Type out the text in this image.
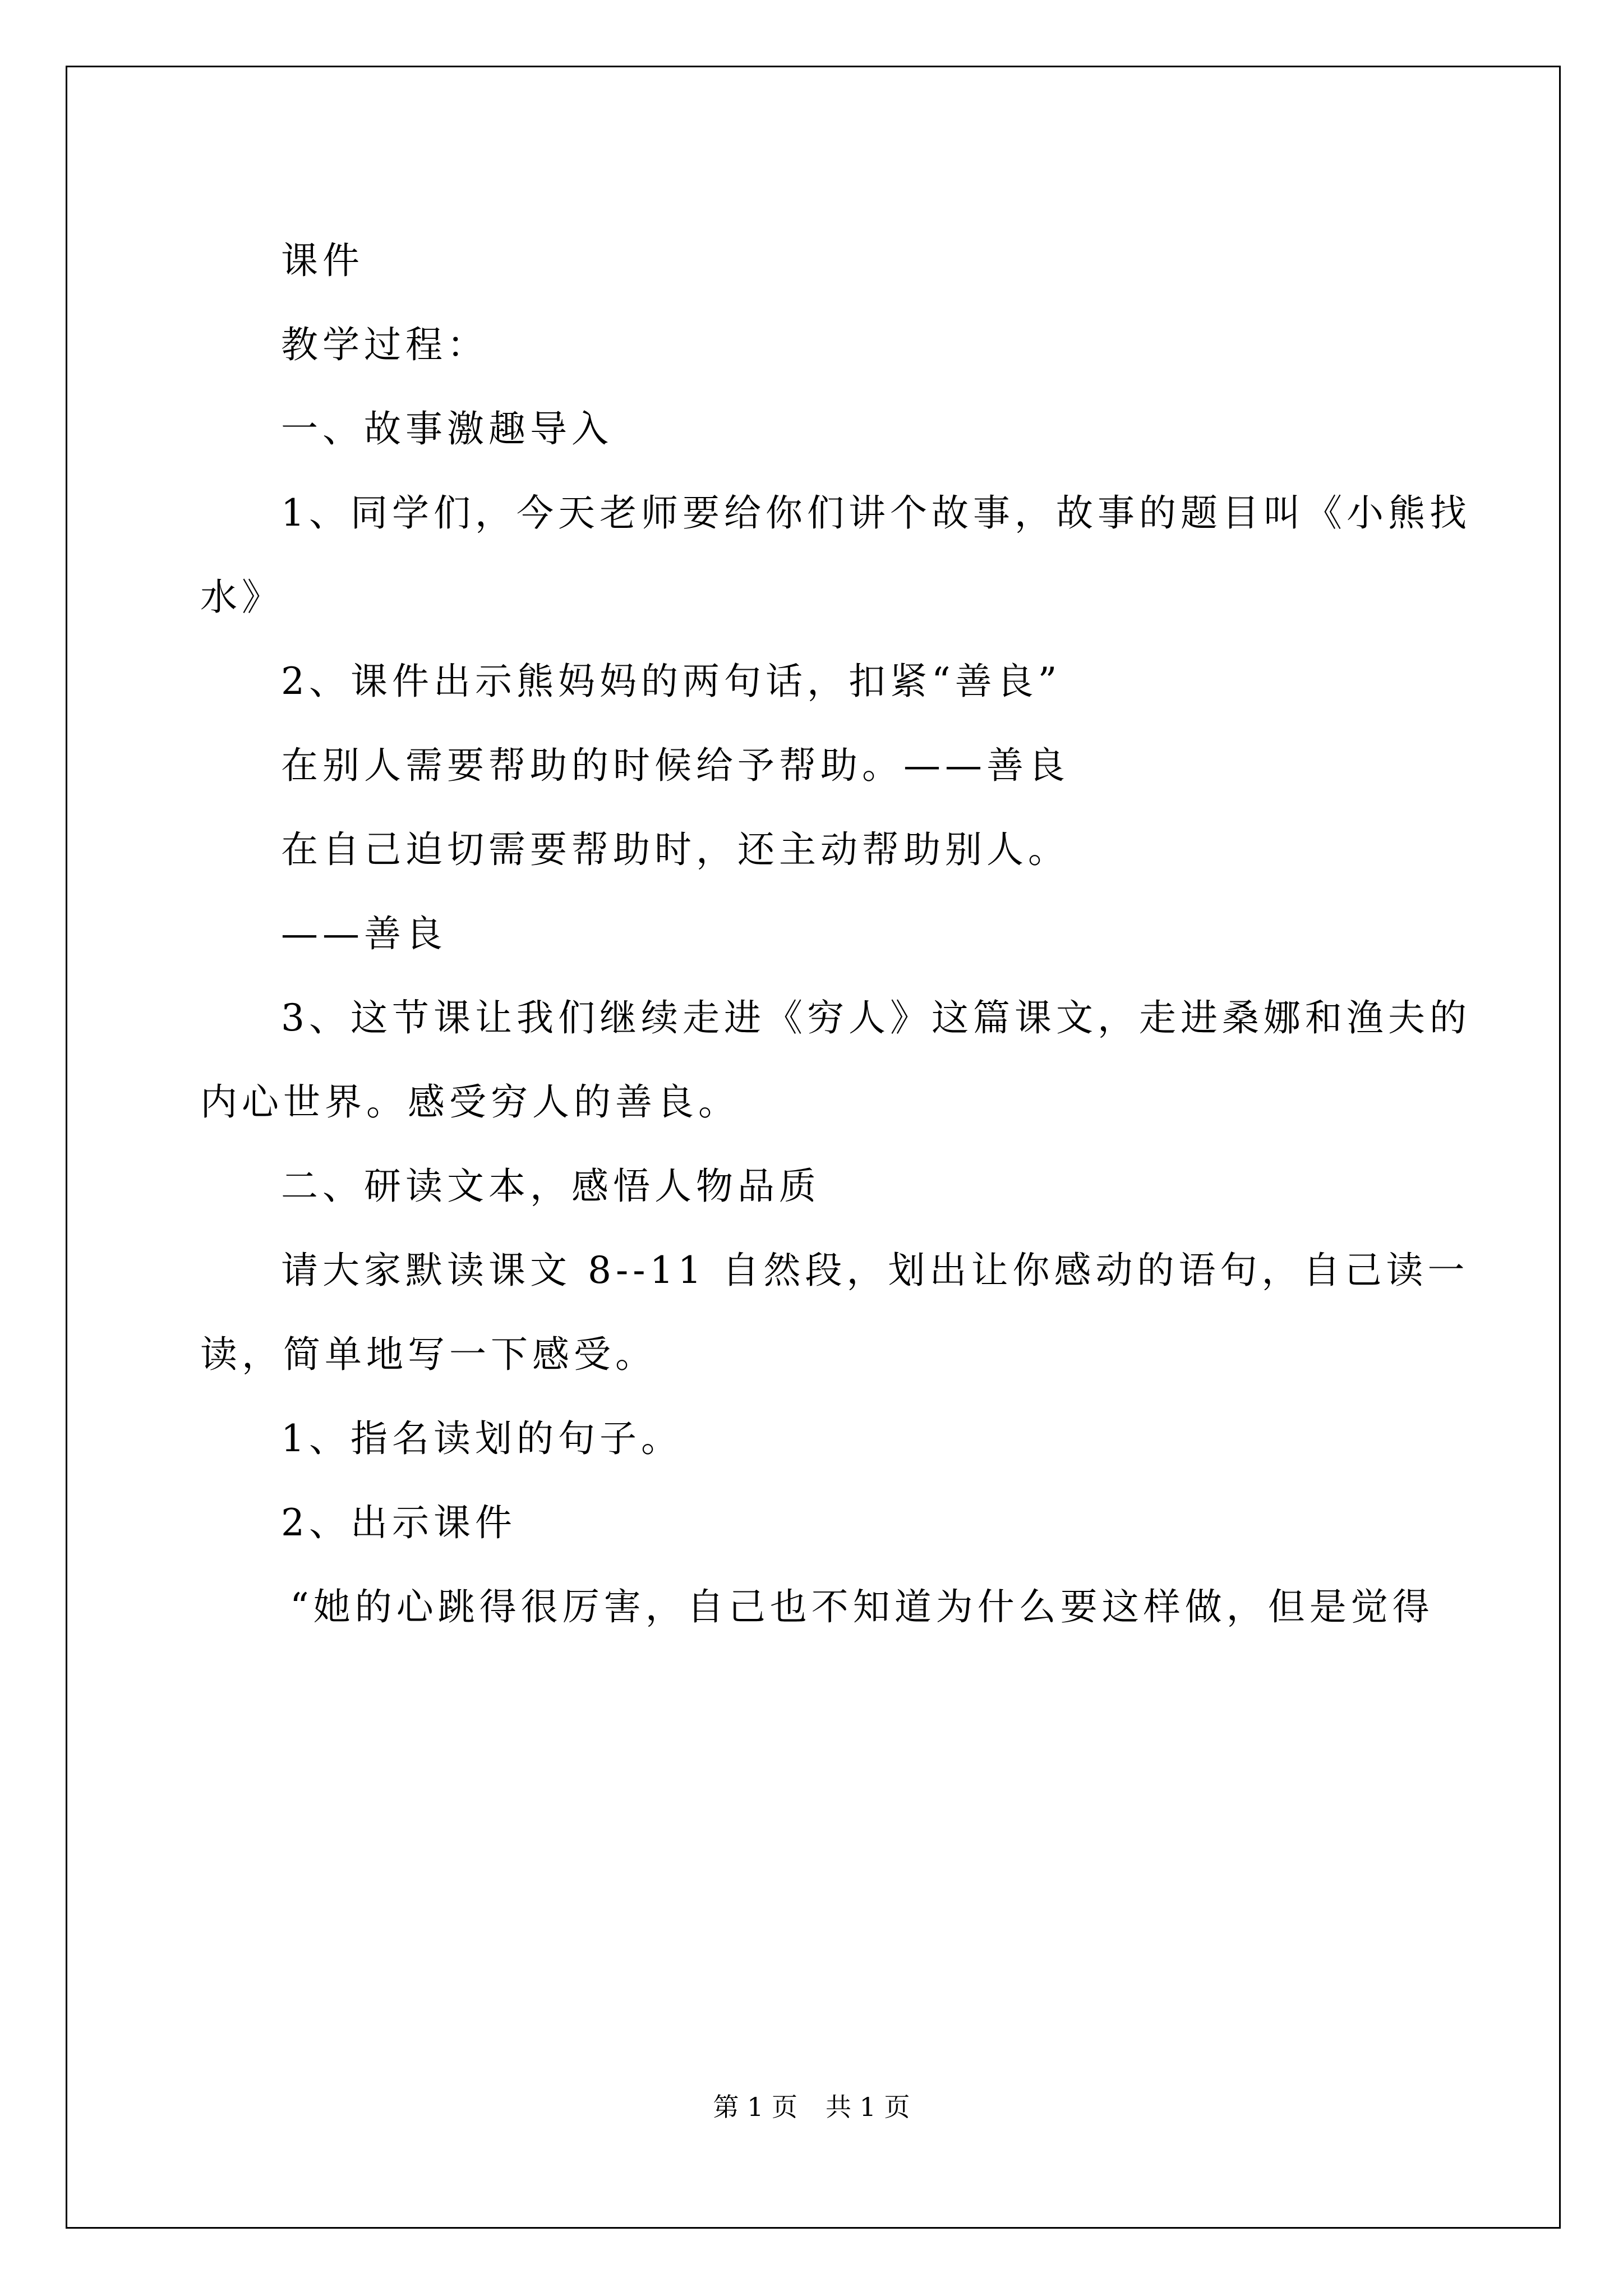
课件
教学过程：
一、故事激趣导入
1、同学们，今天老师要给你们讲个故事，故事的题目叫《小熊找
水》
2、课件出示熊妈妈的两句话，扣紧“善良”
在别人需要帮助的时候给予帮助。——善良
在自己迫切需要帮助时，还主动帮助别人。
——善良
3、这节课让我们继续走进《穷人》这篇课文，走进桑娜和渔夫的
内心世界。感受穷人的善良。
二、研读文本，感悟人物品质
请大家默读课文 8--11 自然段，划出让你感动的语句，自己读一
读，简单地写一下感受。
1、指名读划的句子。
2、出示课件
“她的心跳得很厉害，自己也不知道为什么要这样做，但是觉得
第 1 页 共 1 页
